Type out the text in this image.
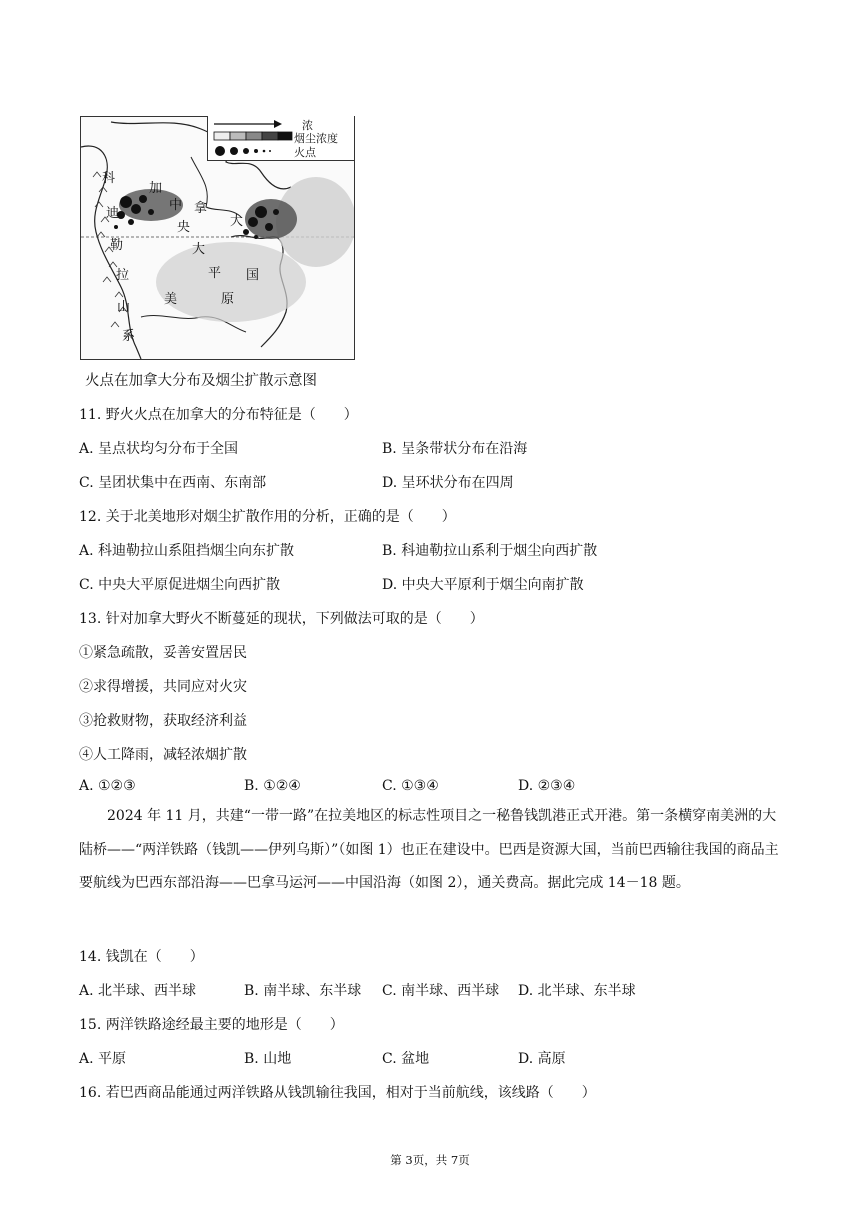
浓
烟尘浓度
火点
科
迪
勒
拉
山
系
加
拿
大
中
央
大
平
原
美
国
火点在加拿大分布及烟尘扩散示意图
11. 野火火点在加拿大的分布特征是（　　）
A. 呈点状均匀分布于全国	B. 呈条带状分布在沿海
C. 呈团状集中在西南、东南部	D. 呈环状分布在四周
12. 关于北美地形对烟尘扩散作用的分析，正确的是（　　）
A. 科迪勒拉山系阻挡烟尘向东扩散	B. 科迪勒拉山系利于烟尘向西扩散
C. 中央大平原促进烟尘向西扩散	D. 中央大平原利于烟尘向南扩散
13. 针对加拿大野火不断蔓延的现状，下列做法可取的是（　　）
①紧急疏散，妥善安置居民
②求得增援，共同应对火灾
③抢救财物，获取经济利益
④人工降雨，减轻浓烟扩散
A. ①②③	B. ①②④	C. ①③④	D. ②③④
2024 年 11 月，共建“一带一路”在拉美地区的标志性项目之一秘鲁钱凯港正式开港。第一条横穿南美洲的大陆桥——“两洋铁路（钱凯——伊列乌斯）”（如图 1）也正在建设中。巴西是资源大国，当前巴西输往我国的商品主要航线为巴西东部沿海——巴拿马运河——中国沿海（如图 2），通关费高。据此完成 14－18 题。
14. 钱凯在（　　）
A. 北半球、西半球	B. 南半球、东半球 C. 南半球、西半球 D. 北半球、东半球
15. 两洋铁路途经最主要的地形是（　　）
A. 平原	B. 山地	C. 盆地	D. 高原
16. 若巴西商品能通过两洋铁路从钱凯输往我国，相对于当前航线，该线路（　　）
第 3页，共 7页
